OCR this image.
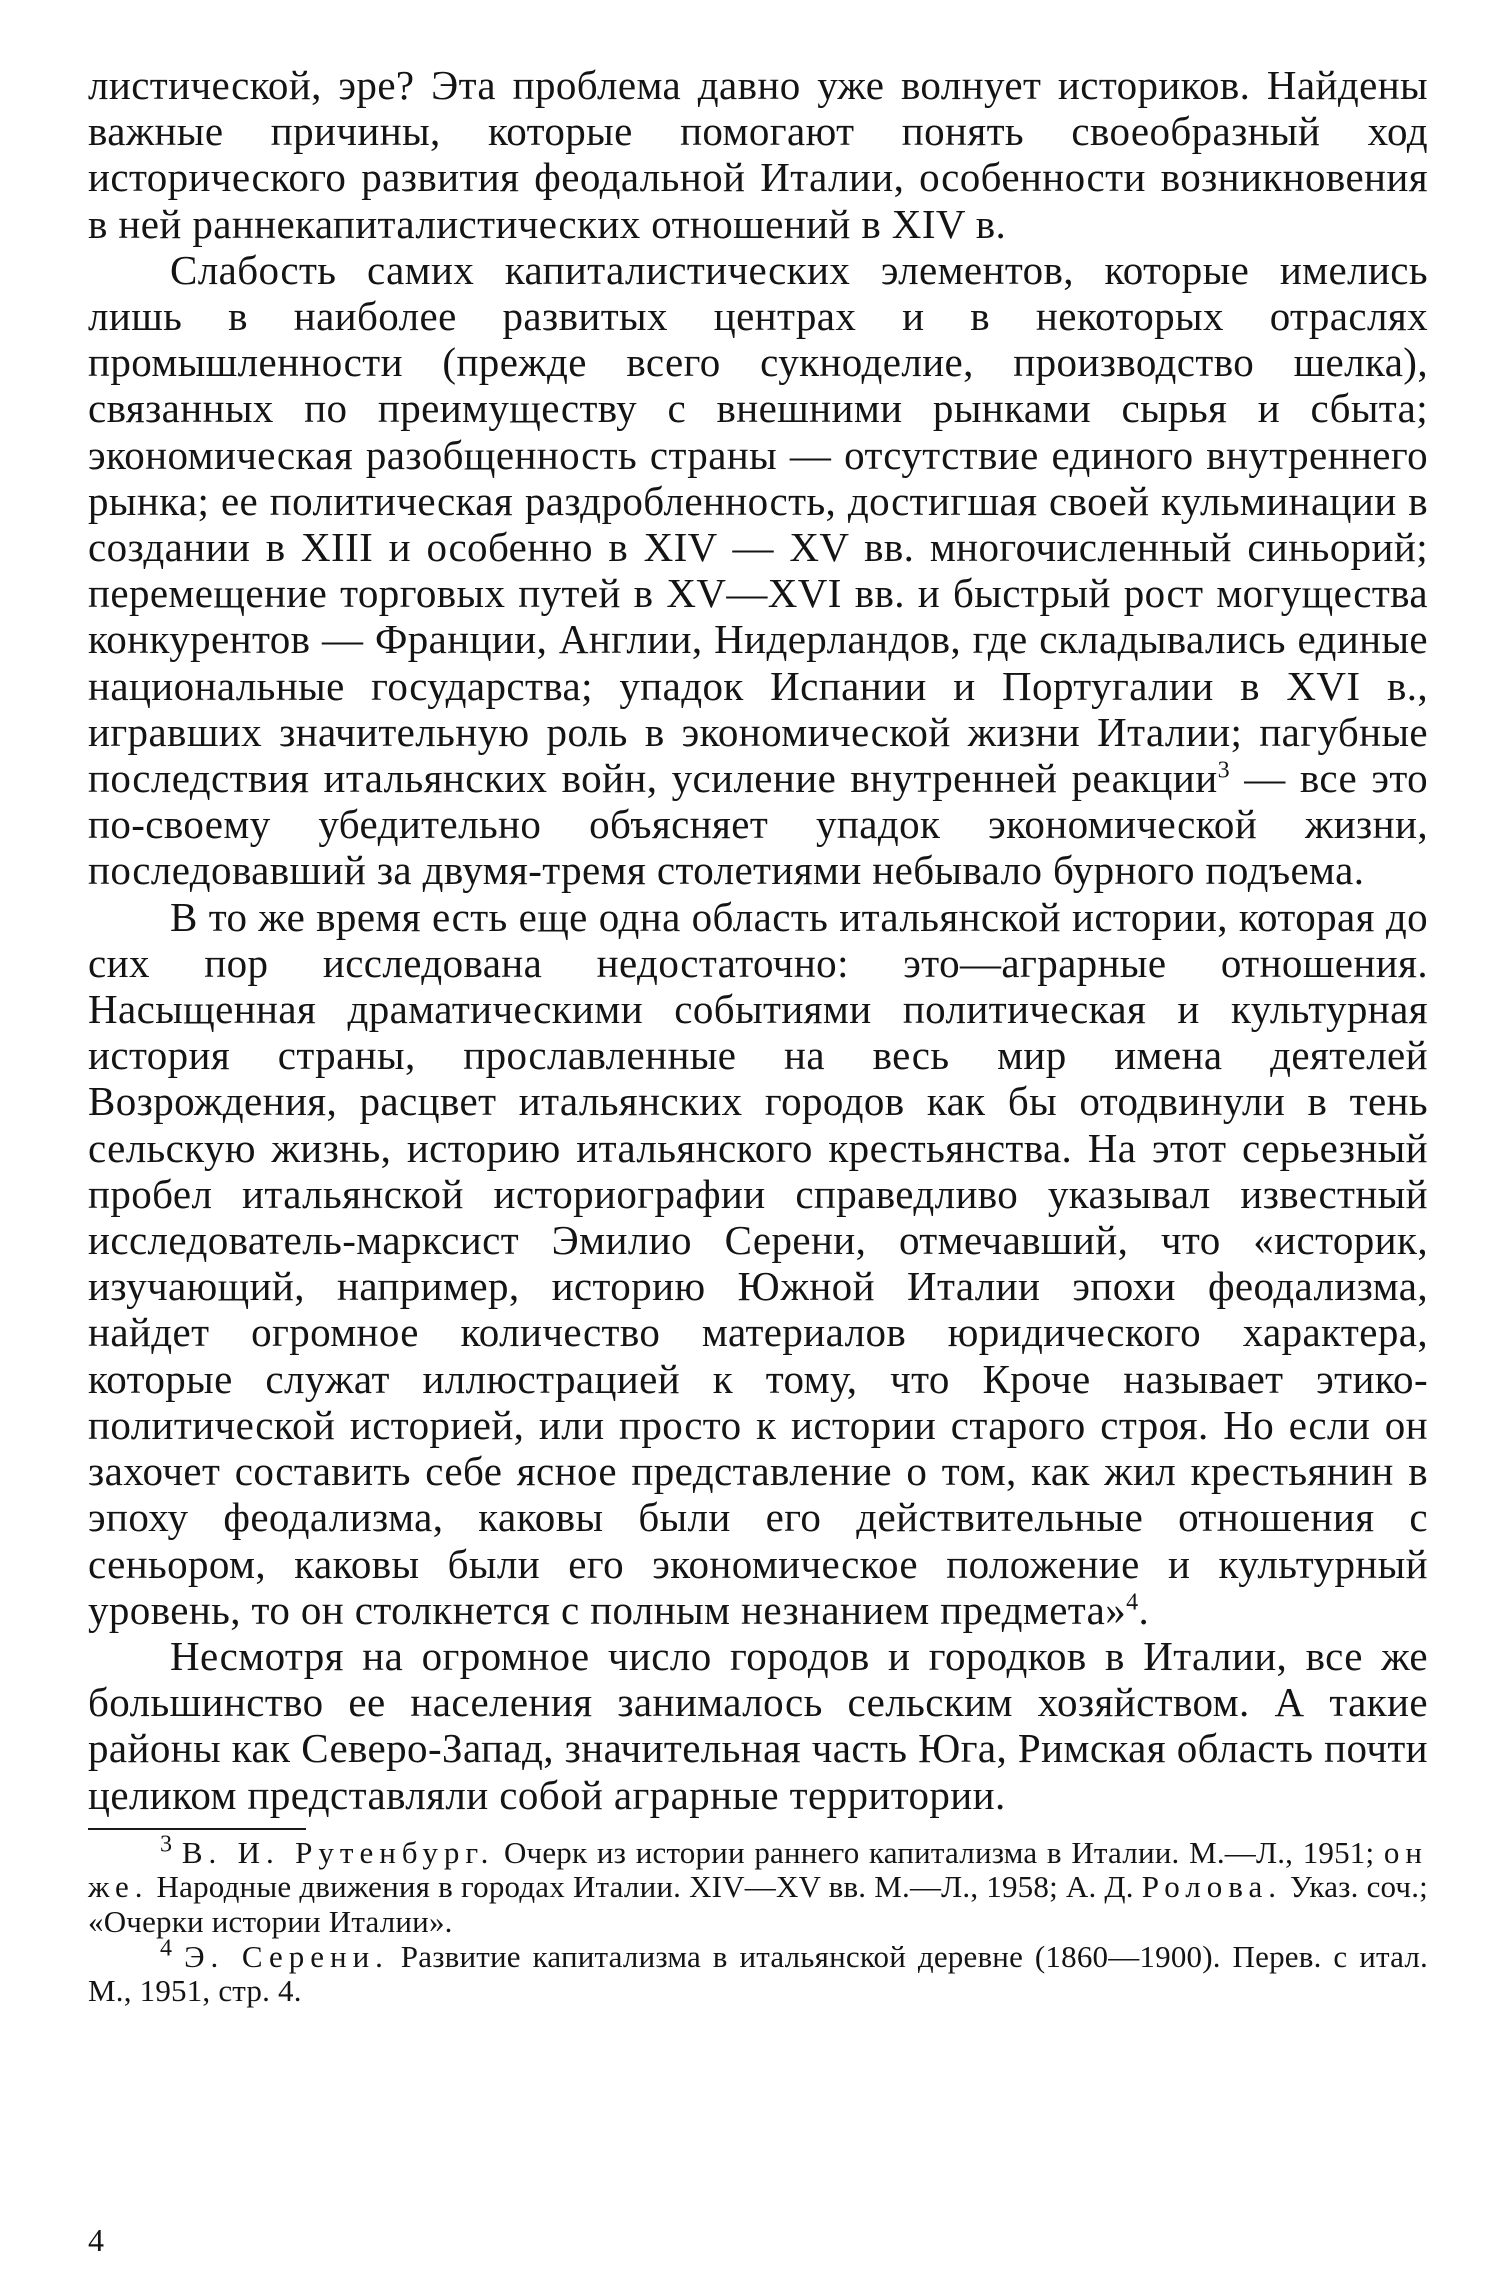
листической, эре? Эта проблема давно уже волнует историков. Найдены важные причины, которые помогают понять своеобразный ход исторического развития феодальной Италии, особенности возникновения в ней раннекапиталистических отношений в XIV в.

Слабость самих капиталистических элементов, которые имелись лишь в наиболее развитых центрах и в некоторых отраслях промышленности (прежде всего сукноделие, производство шелка), связанных по преимуществу с внешними рынками сырья и сбыта; экономическая разобщенность страны — отсутствие единого внутреннего рынка; ее политическая раздробленность, достигшая своей кульминации в создании в XIII и особенно в XIV — XV вв. многочисленный синьорий; перемещение торговых путей в XV—XVI вв. и быстрый рост могущества конкурентов — Франции, Англии, Нидерландов, где складывались единые национальные государства; упадок Испании и Португалии в XVI в., игравших значительную роль в экономической жизни Италии; пагубные последствия итальянских войн, усиление внутренней реакции$^3$ — все это по-своему убедительно объясняет упадок экономической жизни, последовавший за двумя-тремя столетиями небывало бурного подъема.

В то же время есть еще одна область итальянской истории, которая до сих пор исследована недостаточно: это—аграрные отношения. Насыщенная драматическими событиями политическая и культурная история страны, прославленные на весь мир имена деятелей Возрождения, расцвет итальянских городов как бы отодвинули в тень сельскую жизнь, историю итальянского крестьянства. На этот серьезный пробел итальянской историографии справедливо указывал известный исследователь-марксист Эмилио Серени, отмечавший, что «историк, изучающий, например, историю Южной Италии эпохи феодализма, найдет огромное количество материалов юридического характера, которые служат иллюстрацией к тому, что Кроче называет этико-политической историей, или просто к истории старого строя. Но если он захочет составить себе ясное представление о том, как жил крестьянин в эпоху феодализма, каковы были его действительные отношения с сеньором, каковы были его экономическое положение и культурный уровень, то он столкнется с полным незнанием предмета»$^4$.

Несмотря на огромное число городов и городков в Италии, все же большинство ее населения занималось сельским хозяйством. А такие районы как Северо-Запад, значительная часть Юга, Римская область почти целиком представляли собой аграрные территории.

$^3$ В. И. Рутенбург. Очерк из истории раннего капитализма в Италии. М.—Л., 1951; он же. Народные движения в городах Италии. XIV—XV вв. М.—Л., 1958; А. Д. Ролова. Указ. соч.; «Очерки истории Италии».

$^4$ Э. Серени. Развитие капитализма в итальянской деревне (1860—1900). Перев. с итал. М., 1951, стр. 4.

4
